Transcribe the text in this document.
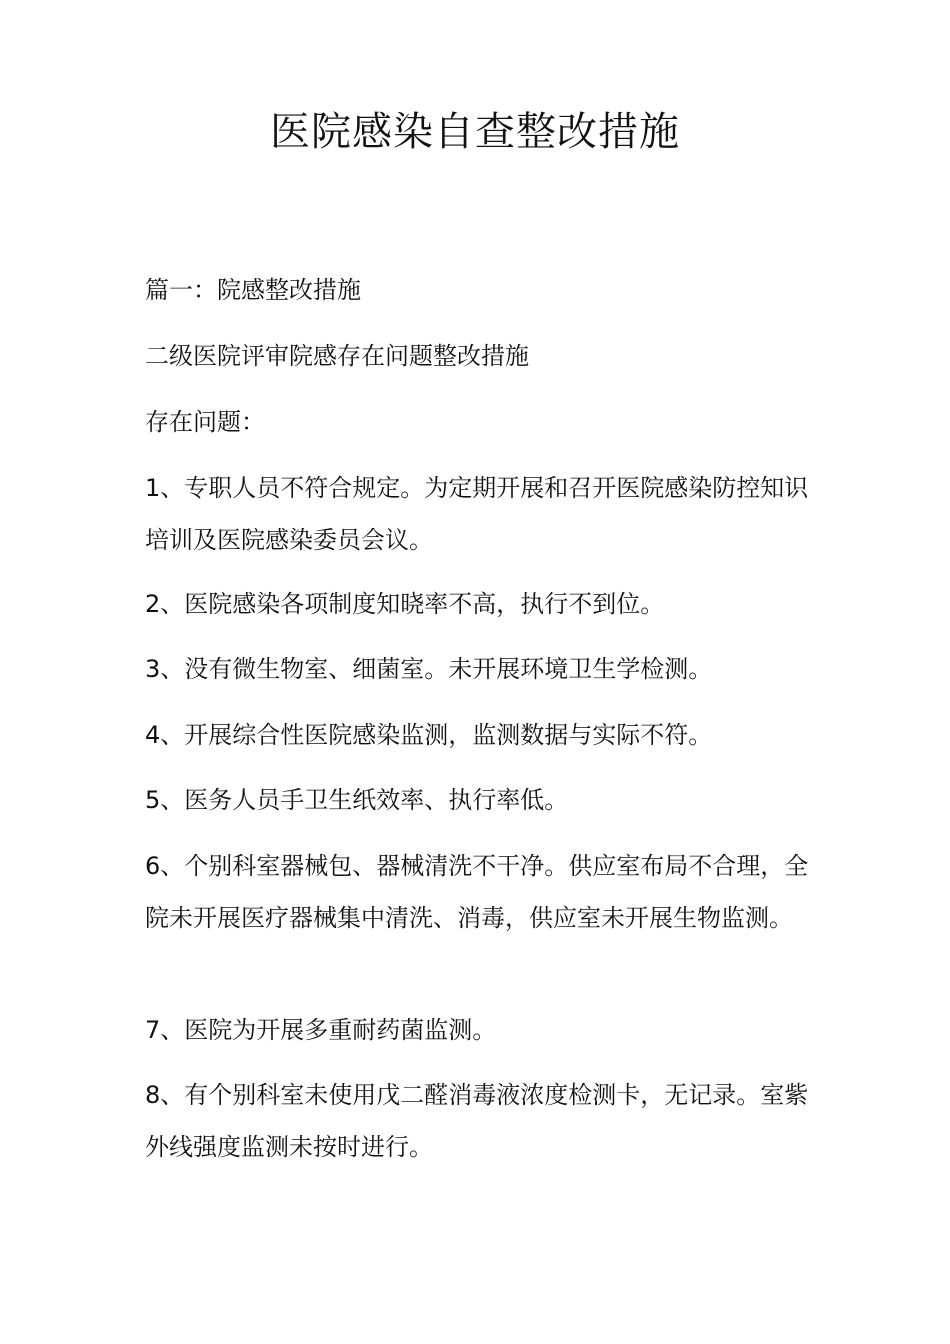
医院感染自查整改措施

篇一：院感整改措施

二级医院评审院感存在问题整改措施

存在问题：

1、专职人员不符合规定。为定期开展和召开医院感染防控知识培训及医院感染委员会议。

2、医院感染各项制度知晓率不高，执行不到位。

3、没有微生物室、细菌室。未开展环境卫生学检测。

4、开展综合性医院感染监测，监测数据与实际不符。

5、医务人员手卫生纸效率、执行率低。

6、个别科室器械包、器械清洗不干净。供应室布局不合理，全院未开展医疗器械集中清洗、消毒，供应室未开展生物监测。

7、医院为开展多重耐药菌监测。

8、有个别科室未使用戊二醛消毒液浓度检测卡，无记录。室紫外线强度监测未按时进行。
